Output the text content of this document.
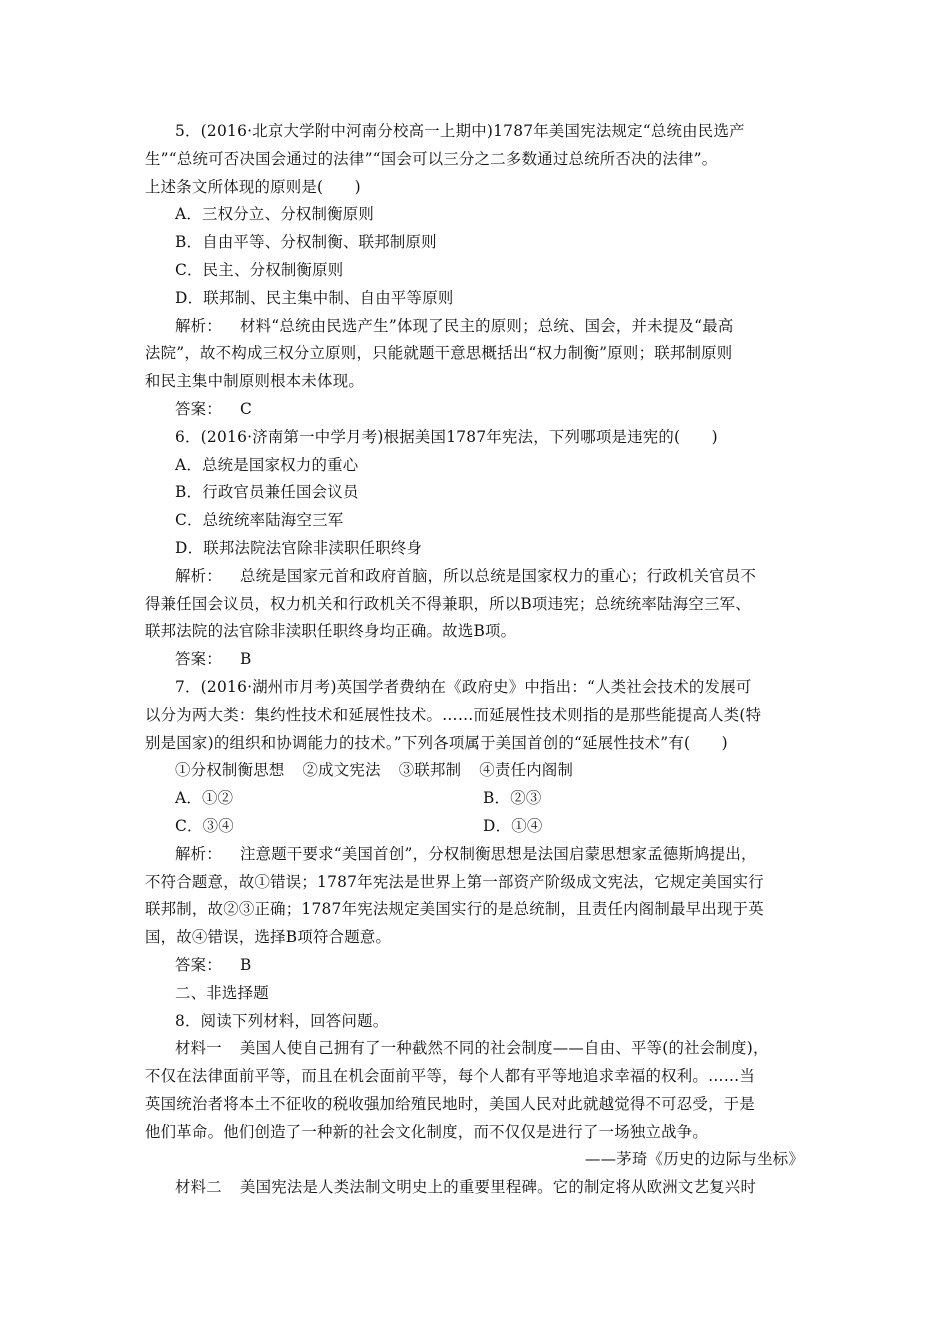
5．(2016·北京大学附中河南分校高一上期中)1787年美国宪法规定“总统由民选产
生”“总统可否决国会通过的法律”“国会可以三分之二多数通过总统所否决的法律”。
上述条文所体现的原则是(　　)
A．三权分立、分权制衡原则
B．自由平等、分权制衡、联邦制原则
C．民主、分权制衡原则
D．联邦制、民主集中制、自由平等原则
解析： 材料“总统由民选产生”体现了民主的原则；总统、国会，并未提及“最高
法院”，故不构成三权分立原则，只能就题干意思概括出“权力制衡”原则；联邦制原则
和民主集中制原则根本未体现。
答案： C
6．(2016·济南第一中学月考)根据美国1787年宪法，下列哪项是违宪的(　　)
A．总统是国家权力的重心
B．行政官员兼任国会议员
C．总统统率陆海空三军
D．联邦法院法官除非渎职任职终身
解析： 总统是国家元首和政府首脑，所以总统是国家权力的重心；行政机关官员不
得兼任国会议员，权力机关和行政机关不得兼职，所以B项违宪；总统统率陆海空三军、
联邦法院的法官除非渎职任职终身均正确。故选B项。
答案： B
7．(2016·湖州市月考)英国学者费纳在《政府史》中指出：“人类社会技术的发展可
以分为两大类：集约性技术和延展性技术。……而延展性技术则指的是那些能提高人类(特
别是国家)的组织和协调能力的技术。”下列各项属于美国首创的“延展性技术”有(　　)
①分权制衡思想 ②成文宪法 ③联邦制 ④责任内阁制
A．①②	B．②③
C．③④	D．①④
解析： 注意题干要求“美国首创”，分权制衡思想是法国启蒙思想家孟德斯鸠提出，
不符合题意，故①错误；1787年宪法是世界上第一部资产阶级成文宪法，它规定美国实行
联邦制，故②③正确；1787年宪法规定美国实行的是总统制，且责任内阁制最早出现于英
国，故④错误，选择B项符合题意。
答案： B
二、非选择题
8．阅读下列材料，回答问题。
材料一 美国人使自己拥有了一种截然不同的社会制度——自由、平等(的社会制度)，
不仅在法律面前平等，而且在机会面前平等，每个人都有平等地追求幸福的权利。……当
英国统治者将本土不征收的税收强加给殖民地时，美国人民对此就越觉得不可忍受，于是
他们革命。他们创造了一种新的社会文化制度，而不仅仅是进行了一场独立战争。
——茅琦《历史的边际与坐标》
材料二 美国宪法是人类法制文明史上的重要里程碑。它的制定将从欧洲文艺复兴时
